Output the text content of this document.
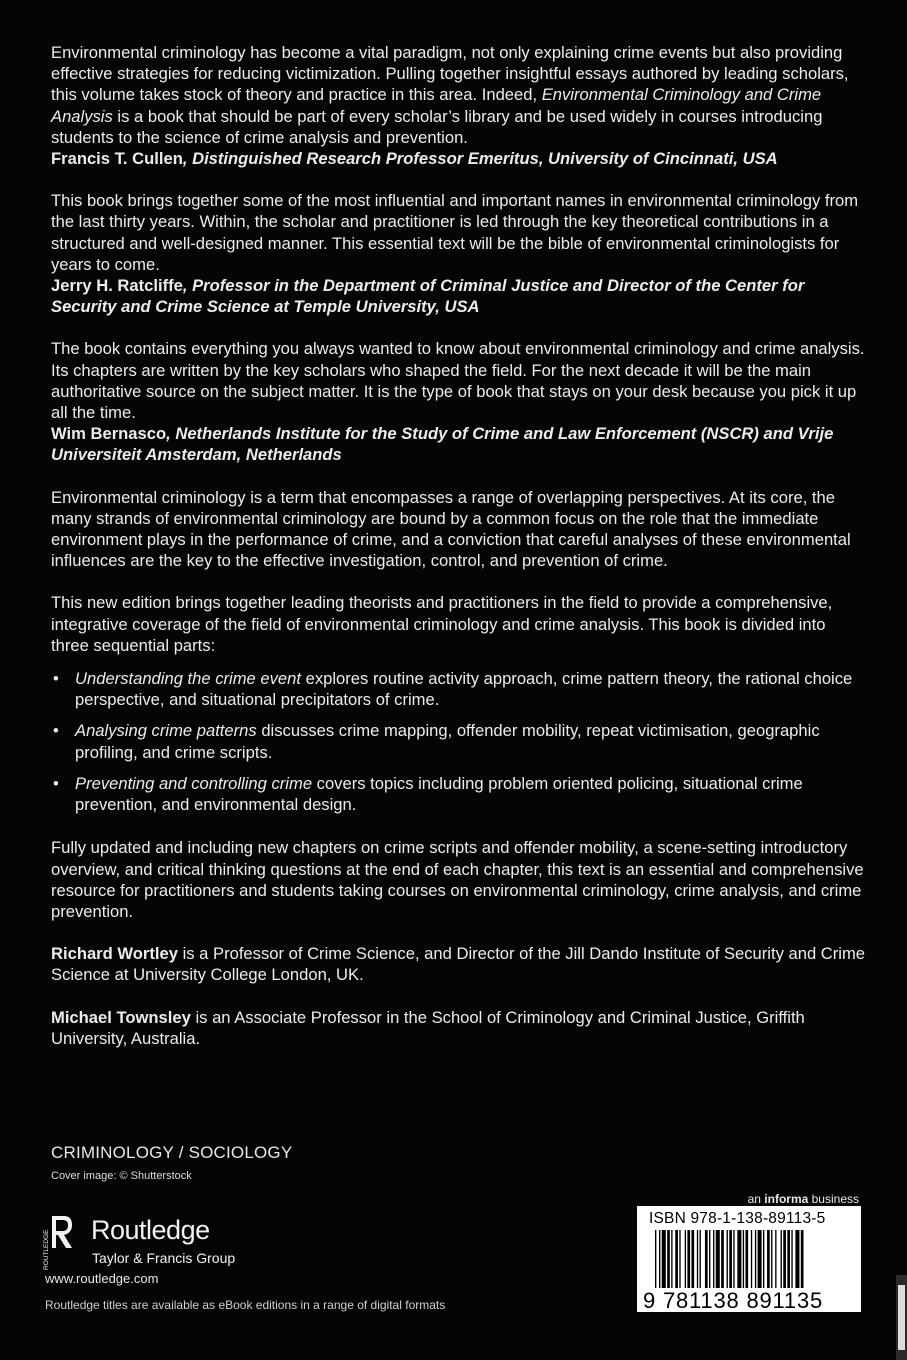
Environmental criminology has become a vital paradigm, not only explaining crime events but also providing effective strategies for reducing victimization. Pulling together insightful essays authored by leading scholars, this volume takes stock of theory and practice in this area. Indeed, Environmental Criminology and Crime Analysis is a book that should be part of every scholar’s library and be used widely in courses introducing students to the science of crime analysis and prevention.

Francis T. Cullen, Distinguished Research Professor Emeritus, University of Cincinnati, USA

This book brings together some of the most influential and important names in environmental criminology from the last thirty years. Within, the scholar and practitioner is led through the key theoretical contributions in a structured and well-designed manner. This essential text will be the bible of environmental criminologists for years to come.

Jerry H. Ratcliffe, Professor in the Department of Criminal Justice and Director of the Center for Security and Crime Science at Temple University, USA

The book contains everything you always wanted to know about environmental criminology and crime analysis. Its chapters are written by the key scholars who shaped the field. For the next decade it will be the main authoritative source on the subject matter. It is the type of book that stays on your desk because you pick it up all the time.

Wim Bernasco, Netherlands Institute for the Study of Crime and Law Enforcement (NSCR) and Vrije Universiteit Amsterdam, Netherlands

Environmental criminology is a term that encompasses a range of overlapping perspectives. At its core, the many strands of environmental criminology are bound by a common focus on the role that the immediate environment plays in the performance of crime, and a conviction that careful analyses of these environmental influences are the key to the effective investigation, control, and prevention of crime.

This new edition brings together leading theorists and practitioners in the field to provide a comprehensive, integrative coverage of the field of environmental criminology and crime analysis. This book is divided into three sequential parts:

• Understanding the crime event explores routine activity approach, crime pattern theory, the rational choice perspective, and situational precipitators of crime.
• Analysing crime patterns discusses crime mapping, offender mobility, repeat victimisation, geographic profiling, and crime scripts.
• Preventing and controlling crime covers topics including problem oriented policing, situational crime prevention, and environmental design.

Fully updated and including new chapters on crime scripts and offender mobility, a scene-setting introductory overview, and critical thinking questions at the end of each chapter, this text is an essential and comprehensive resource for practitioners and students taking courses on environmental criminology, crime analysis, and crime prevention.

Richard Wortley is a Professor of Crime Science, and Director of the Jill Dando Institute of Security and Crime Science at University College London, UK.

Michael Townsley is an Associate Professor in the School of Criminology and Criminal Justice, Griffith University, Australia.

CRIMINOLOGY / SOCIOLOGY
Cover image: © Shutterstock
ROUTLEDGE Routledge
Taylor & Francis Group
www.routledge.com
Routledge titles are available as eBook editions in a range of digital formats
an informa business
ISBN 978-1-138-89113-5
9 781138 891135
